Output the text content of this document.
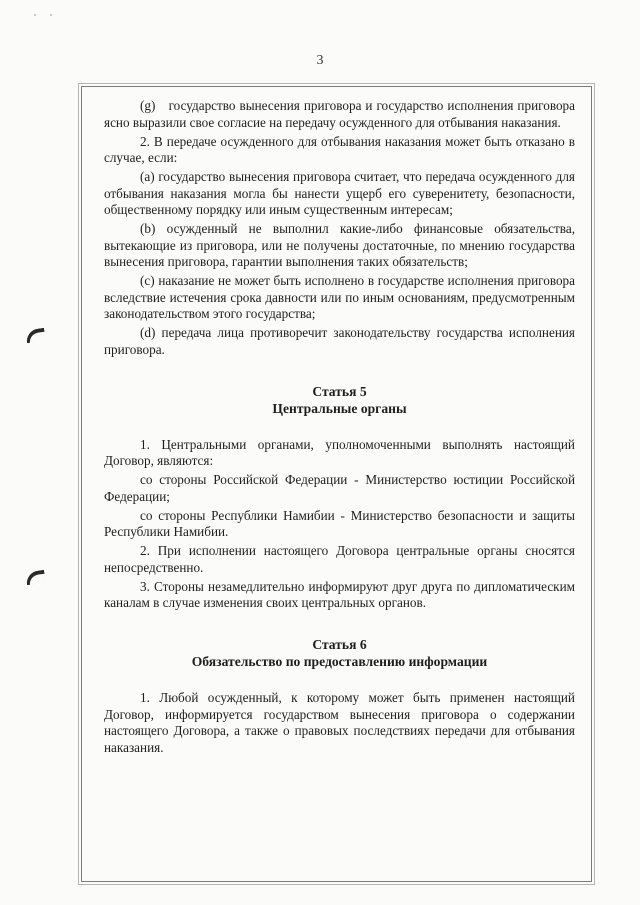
3

(g) государство вынесения приговора и государство исполнения приговора ясно выразили свое согласие на передачу осужденного для отбывания наказания.

2. В передаче осужденного для отбывания наказания может быть отказано в случае, если:

(a) государство вынесения приговора считает, что передача осужденного для отбывания наказания могла бы нанести ущерб его суверенитету, безопасности, общественному порядку или иным существенным интересам;

(b) осужденный не выполнил какие-либо финансовые обязательства, вытекающие из приговора, или не получены достаточные, по мнению государства вынесения приговора, гарантии выполнения таких обязательств;

(c) наказание не может быть исполнено в государстве исполнения приговора вследствие истечения срока давности или по иным основаниям, предусмотренным законодательством этого государства;

(d) передача лица противоречит законодательству государства исполнения приговора.

Статья 5

Центральные органы

1. Центральными органами, уполномоченными выполнять настоящий Договор, являются:

со стороны Российской Федерации - Министерство юстиции Российской Федерации;

со стороны Республики Намибии - Министерство безопасности и защиты Республики Намибии.

2. При исполнении настоящего Договора центральные органы сносятся непосредственно.

3. Стороны незамедлительно информируют друг друга по дипломатическим каналам в случае изменения своих центральных органов.

Статья 6

Обязательство по предоставлению информации

1. Любой осужденный, к которому может быть применен настоящий Договор, информируется государством вынесения приговора о содержании настоящего Договора, а также о правовых последствиях передачи для отбывания наказания.
